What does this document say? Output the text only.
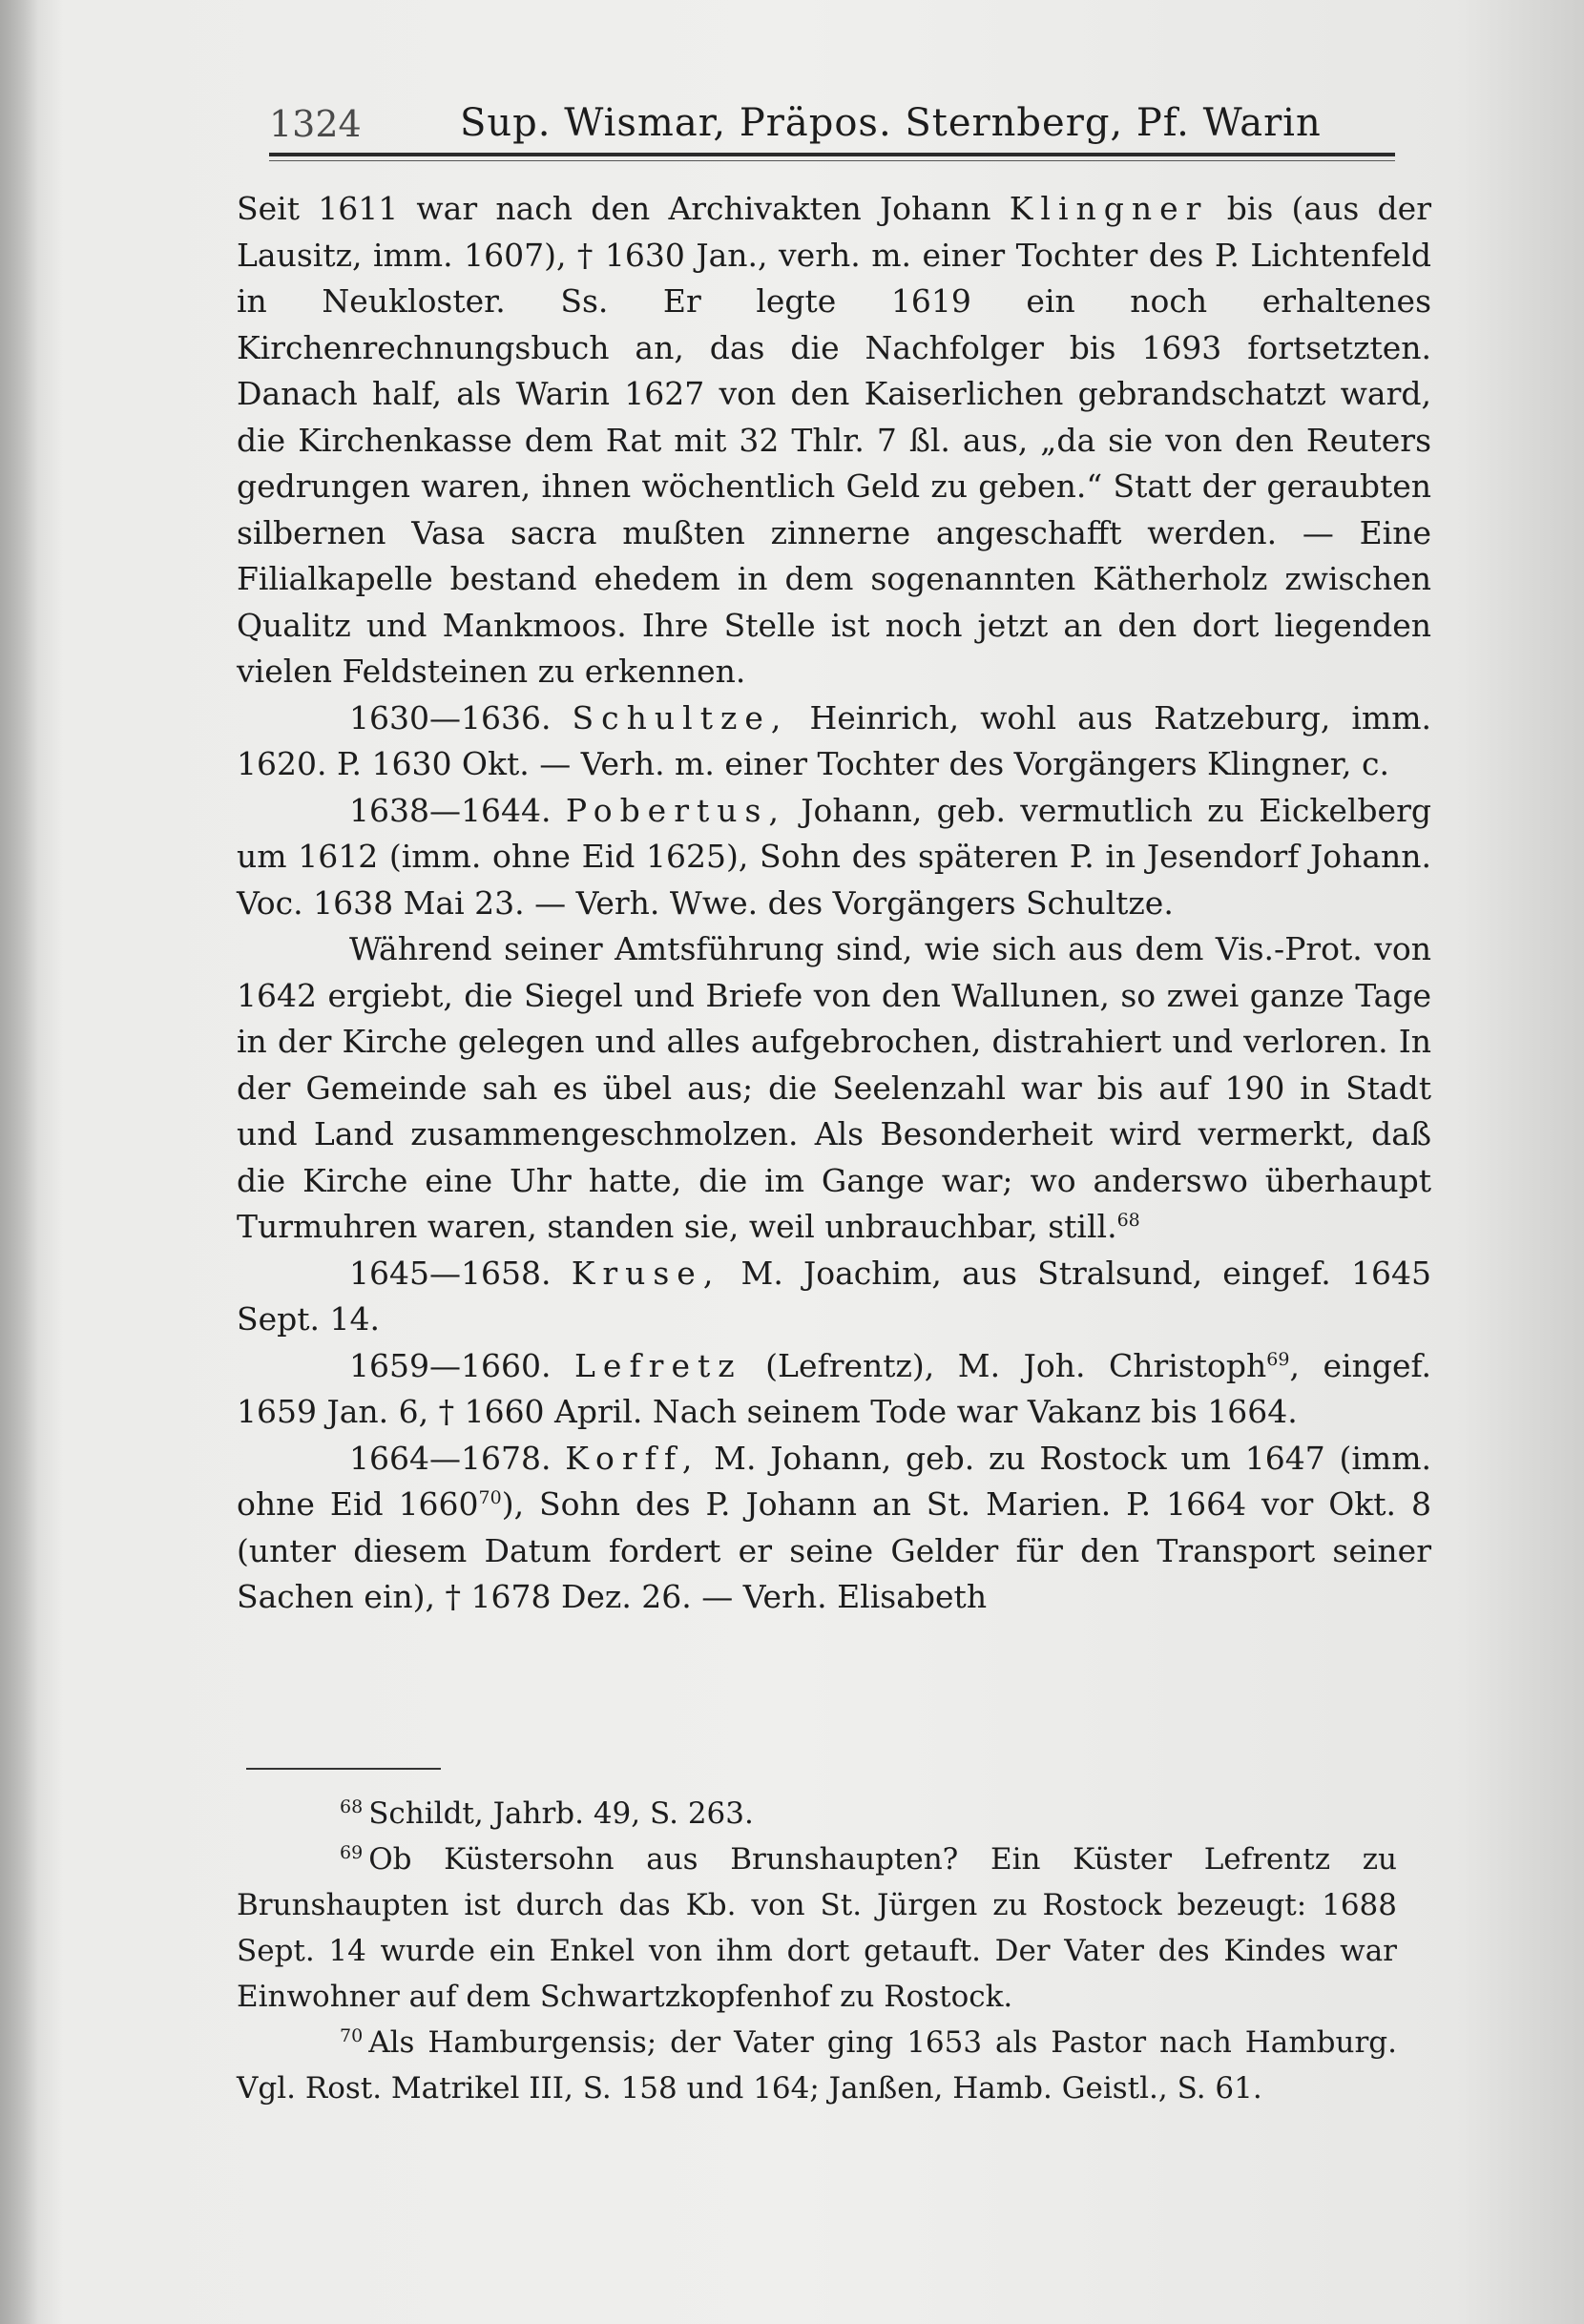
1324	Sup. Wismar, Präpos. Sternberg, Pf. Warin

Seit 1611 war nach den Archivakten Johann Klingner bis (aus der Lausitz, imm. 1607), † 1630 Jan., verh. m. einer Tochter des P. Lichtenfeld in Neukloster. Ss. Er legte 1619 ein noch erhaltenes Kirchenrechnungsbuch an, das die Nachfolger bis 1693 fortsetzten. Danach half, als Warin 1627 von den Kaiserlichen gebrandschatzt ward, die Kirchenkasse dem Rat mit 32 Thlr. 7 ßl. aus, „da sie von den Reuters gedrungen waren, ihnen wöchentlich Geld zu geben.“ Statt der geraubten silbernen Vasa sacra mußten zinnerne angeschafft werden. — Eine Filialkapelle bestand ehedem in dem sogenannten Kätherholz zwischen Qualitz und Mankmoos. Ihre Stelle ist noch jetzt an den dort liegenden vielen Feldsteinen zu erkennen.

1630—1636. Schultze, Heinrich, wohl aus Ratzeburg, imm. 1620. P. 1630 Okt. — Verh. m. einer Tochter des Vorgängers Klingner, c.

1638—1644. Pobertus, Johann, geb. vermutlich zu Eickelberg um 1612 (imm. ohne Eid 1625), Sohn des späteren P. in Jesendorf Johann. Voc. 1638 Mai 23. — Verh. Wwe. des Vorgängers Schultze.

Während seiner Amtsführung sind, wie sich aus dem Vis.-Prot. von 1642 ergiebt, die Siegel und Briefe von den Wallunen, so zwei ganze Tage in der Kirche gelegen und alles aufgebrochen, distrahiert und verloren. In der Gemeinde sah es übel aus; die Seelenzahl war bis auf 190 in Stadt und Land zusammengeschmolzen. Als Besonderheit wird vermerkt, daß die Kirche eine Uhr hatte, die im Gange war; wo anderswo überhaupt Turmuhren waren, standen sie, weil unbrauchbar, still.$^{68}$

1645—1658. Kruse, M. Joachim, aus Stralsund, eingef. 1645 Sept. 14.

1659—1660. Lefretz (Lefrentz), M. Joh. Christoph$^{69}$, eingef. 1659 Jan. 6, † 1660 April. Nach seinem Tode war Vakanz bis 1664.

1664—1678. Korff, M. Johann, geb. zu Rostock um 1647 (imm. ohne Eid 1660$^{70}$), Sohn des P. Johann an St. Marien. P. 1664 vor Okt. 8 (unter diesem Datum fordert er seine Gelder für den Transport seiner Sachen ein), † 1678 Dez. 26. — Verh. Elisabeth

$^{68}$ Schildt, Jahrb. 49, S. 263.

$^{69}$ Ob Küstersohn aus Brunshaupten? Ein Küster Lefrentz zu Brunshaupten ist durch das Kb. von St. Jürgen zu Rostock bezeugt: 1688 Sept. 14 wurde ein Enkel von ihm dort getauft. Der Vater des Kindes war Einwohner auf dem Schwartzkopfenhof zu Rostock.

$^{70}$ Als Hamburgensis; der Vater ging 1653 als Pastor nach Hamburg. Vgl. Rost. Matrikel III, S. 158 und 164; Janßen, Hamb. Geistl., S. 61.
